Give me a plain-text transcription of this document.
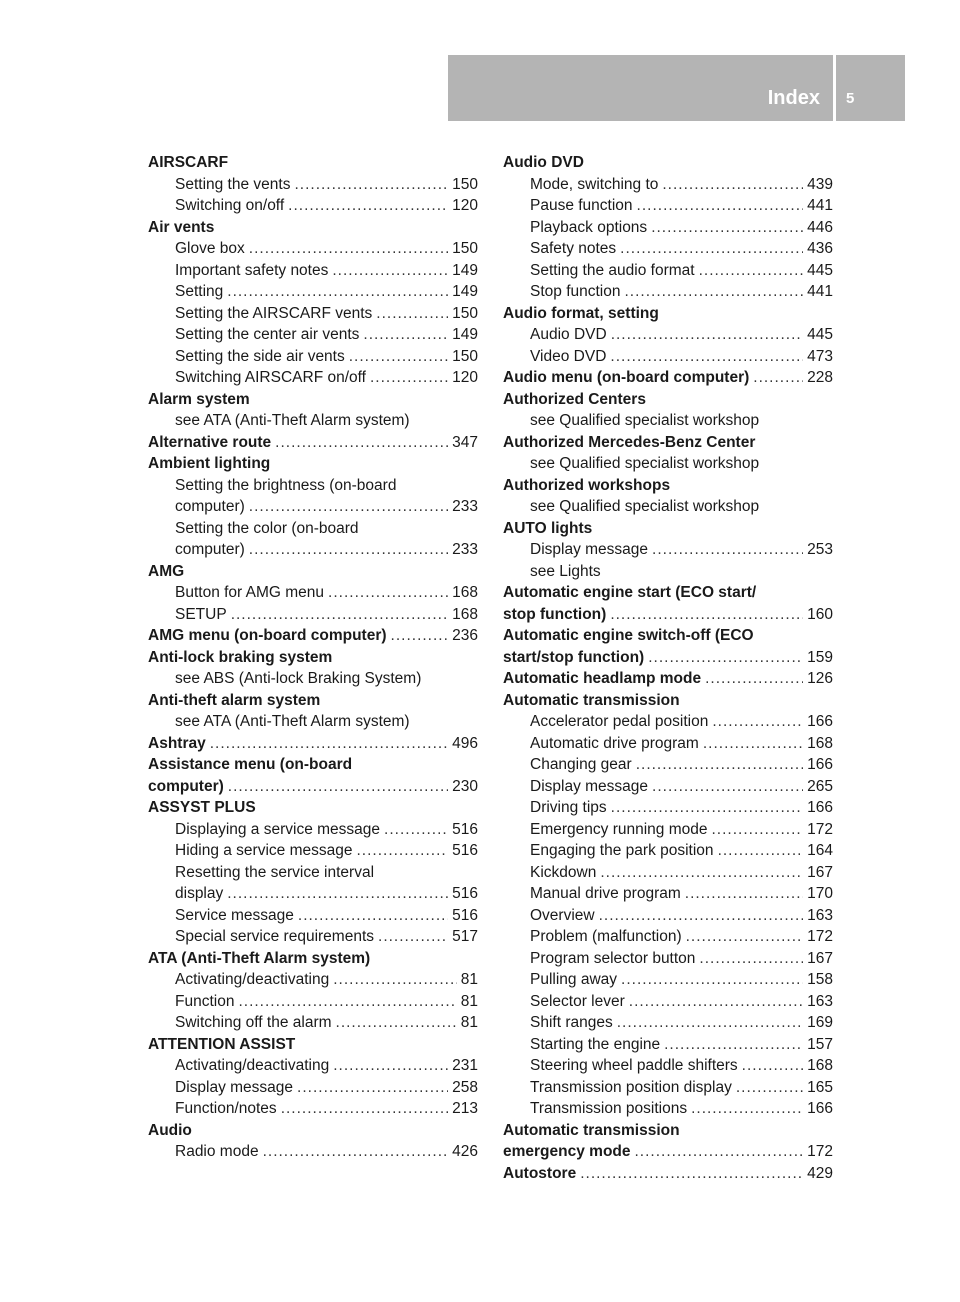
Index 5
AIRSCARF
Setting the vents .....	150
Switching on/off .....	120
Air vents
Glove box .....	150
Important safety notes .....	149
Setting .....	149
Setting the AIRSCARF vents .....	150
Setting the center air vents .....	149
Setting the side air vents .....	150
Switching AIRSCARF on/off .....	120
Alarm system
see ATA (Anti-Theft Alarm system)
Alternative route .....	347
Ambient lighting
Setting the brightness (on-board
computer) .....	233
Setting the color (on-board
computer) .....	233
AMG
Button for AMG menu .....	168
SETUP .....	168
AMG menu (on-board computer) .....	236
Anti-lock braking system
see ABS (Anti-lock Braking System)
Anti-theft alarm system
see ATA (Anti-Theft Alarm system)
Ashtray .....	496
Assistance menu (on-board
computer) .....	230
ASSYST PLUS
Displaying a service message .....	516
Hiding a service message .....	516
Resetting the service interval
display .....	516
Service message .....	516
Special service requirements .....	517
ATA (Anti-Theft Alarm system)
Activating/deactivating .....	81
Function .....	81
Switching off the alarm .....	81
ATTENTION ASSIST
Activating/deactivating .....	231
Display message .....	258
Function/notes .....	213
Audio
Radio mode .....	426
Audio DVD
Mode, switching to .....	439
Pause function .....	441
Playback options .....	446
Safety notes .....	436
Setting the audio format .....	445
Stop function .....	441
Audio format, setting
Audio DVD .....	445
Video DVD .....	473
Audio menu (on-board computer) .....	228
Authorized Centers
see Qualified specialist workshop
Authorized Mercedes-Benz Center
see Qualified specialist workshop
Authorized workshops
see Qualified specialist workshop
AUTO lights
Display message .....	253
see Lights
Automatic engine start (ECO start/
stop function) .....	160
Automatic engine switch-off (ECO
start/stop function) .....	159
Automatic headlamp mode .....	126
Automatic transmission
Accelerator pedal position .....	166
Automatic drive program .....	168
Changing gear .....	166
Display message .....	265
Driving tips .....	166
Emergency running mode .....	172
Engaging the park position .....	164
Kickdown .....	167
Manual drive program .....	170
Overview .....	163
Problem (malfunction) .....	172
Program selector button .....	167
Pulling away .....	158
Selector lever .....	163
Shift ranges .....	169
Starting the engine .....	157
Steering wheel paddle shifters .....	168
Transmission position display .....	165
Transmission positions .....	166
Automatic transmission
emergency mode .....	172
Autostore .....	429
